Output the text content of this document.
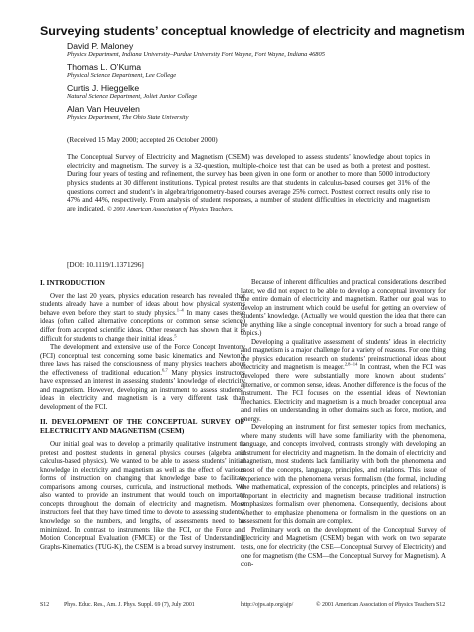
Surveying students’ conceptual knowledge of electricity and magnetism
David P. Maloney
Physics Department, Indiana University–Purdue University Fort Wayne, Fort Wayne, Indiana 46805
Thomas L. O’Kuma
Physical Science Department, Lee College
Curtis J. Hieggelke
Natural Science Department, Joliet Junior College
Alan Van Heuvelen
Physics Department, The Ohio State University
(Received 15 May 2000; accepted 26 October 2000)

The Conceptual Survey of Electricity and Magnetism (CSEM) was developed to assess students’ knowledge about topics in electricity and magnetism. The survey is a 32-question, multiple-choice test that can be used as both a pretest and posttest. During four years of testing and refinement, the survey has been given in one form or another to more than 5000 introductory physics students at 30 different institutions. Typical pretest results are that students in calculus-based courses get 31% of the questions correct and student’s in algebra/trigonometry-based courses average 25% correct. Posttest correct results only rise to 47% and 44%, respectively. From analysis of student responses, a number of student difficulties in electricity and magnetism are indicated. © 2001 American Association of Physics Teachers.

[DOI: 10.1119/1.1371296]
I. INTRODUCTION

Over the last 20 years, physics education research has revealed that students already have a number of ideas about how physical systems behave even before they start to study physics.$^{1-4}$ In many cases these ideas (often called alternative conceptions or common sense science) differ from accepted scientific ideas. Other research has shown that it is difficult for students to change their initial ideas.$^5$

The development and extensive use of the Force Concept Inventory (FCI) conceptual test concerning some basic kinematics and Newton’s three laws has raised the consciousness of many physics teachers about the effectiveness of traditional education.$^{6,7}$ Many physics instructors have expressed an interest in assessing students’ knowledge of electricity and magnetism. However, developing an instrument to assess students’ ideas in electricity and magnetism is a very different task than development of the FCI.

II. DEVELOPMENT OF THE CONCEPTUAL SURVEY OF ELECTRICITY AND MAGNETISM (CSEM)

Our initial goal was to develop a primarily qualitative instrument to pretest and posttest students in general physics courses (algebra and calculus-based physics). We wanted to be able to assess students’ initial knowledge in electricity and magnetism as well as the effect of various forms of instruction on changing that knowledge base to facilitate comparisons among courses, curricula, and instructional methods. We also wanted to provide an instrument that would touch on important concepts throughout the domain of electricity and magnetism. Most instructors feel that they have timed time to devote to assessing students’ knowledge so the numbers, and lengths, of assessments need to be minimized. In contrast to instruments like the FCI, or the Force and Motion Conceptual Evaluation (FMCE) or the Test of Understanding Graphs-Kinematics (TUG-K), the CSEM is a broad survey instrument.

Because of inherent difficulties and practical considerations described later, we did not expect to be able to develop a conceptual inventory for the entire domain of electricity and magnetism. Rather our goal was to develop an instrument which could be useful for getting an overview of students’ knowledge. (Actually we would question the idea that there can be anything like a single conceptual inventory for such a broad range of topics.)

Developing a qualitative assessment of students’ ideas in electricity and magnetism is a major challenge for a variety of reasons. For one thing the physics education research on students’ preinstructional ideas about electricity and magnetism is meager.$^{2,8-14}$ In contrast, when the FCI was developed there were substantially more known about students’ alternative, or common sense, ideas. Another difference is the focus of the instrument. The FCI focuses on the essential ideas of Newtonian mechanics. Electricity and magnetism is a much broader conceptual area and relies on understanding in other domains such as force, motion, and energy.

Developing an instrument for first semester topics from mechanics, where many students will have some familiarity with the phenomena, language, and concepts involved, contrasts strongly with developing an instrument for electricity and magnetism. In the domain of electricity and magnetism, most students lack familiarity with both the phenomena and most of the concepts, language, principles, and relations. This issue of experience with the phenomena versus formalism (the formal, including the mathematical, expression of the concepts, principles and relations) is important in electricity and magnetism because traditional instruction emphasizes formalism over phenomena. Consequently, decisions about whether to emphasize phenomena or formalism in the questions on an assessment for this domain are complex.

Preliminary work on the development of the Conceptual Survey of Electricity and Magnetism (CSEM) began with work on two separate tests, one for electricity (the CSE—Conceptual Survey of Electricity) and one for magnetism (the CSM—the Conceptual Survey for Magnetism). A con-

S12	Phys. Educ. Res., Am. J. Phys. Suppl. 69 (7), July 2001	http://ojps.aip.org/ajp/	© 2001 American Association of Physics Teachers S12
